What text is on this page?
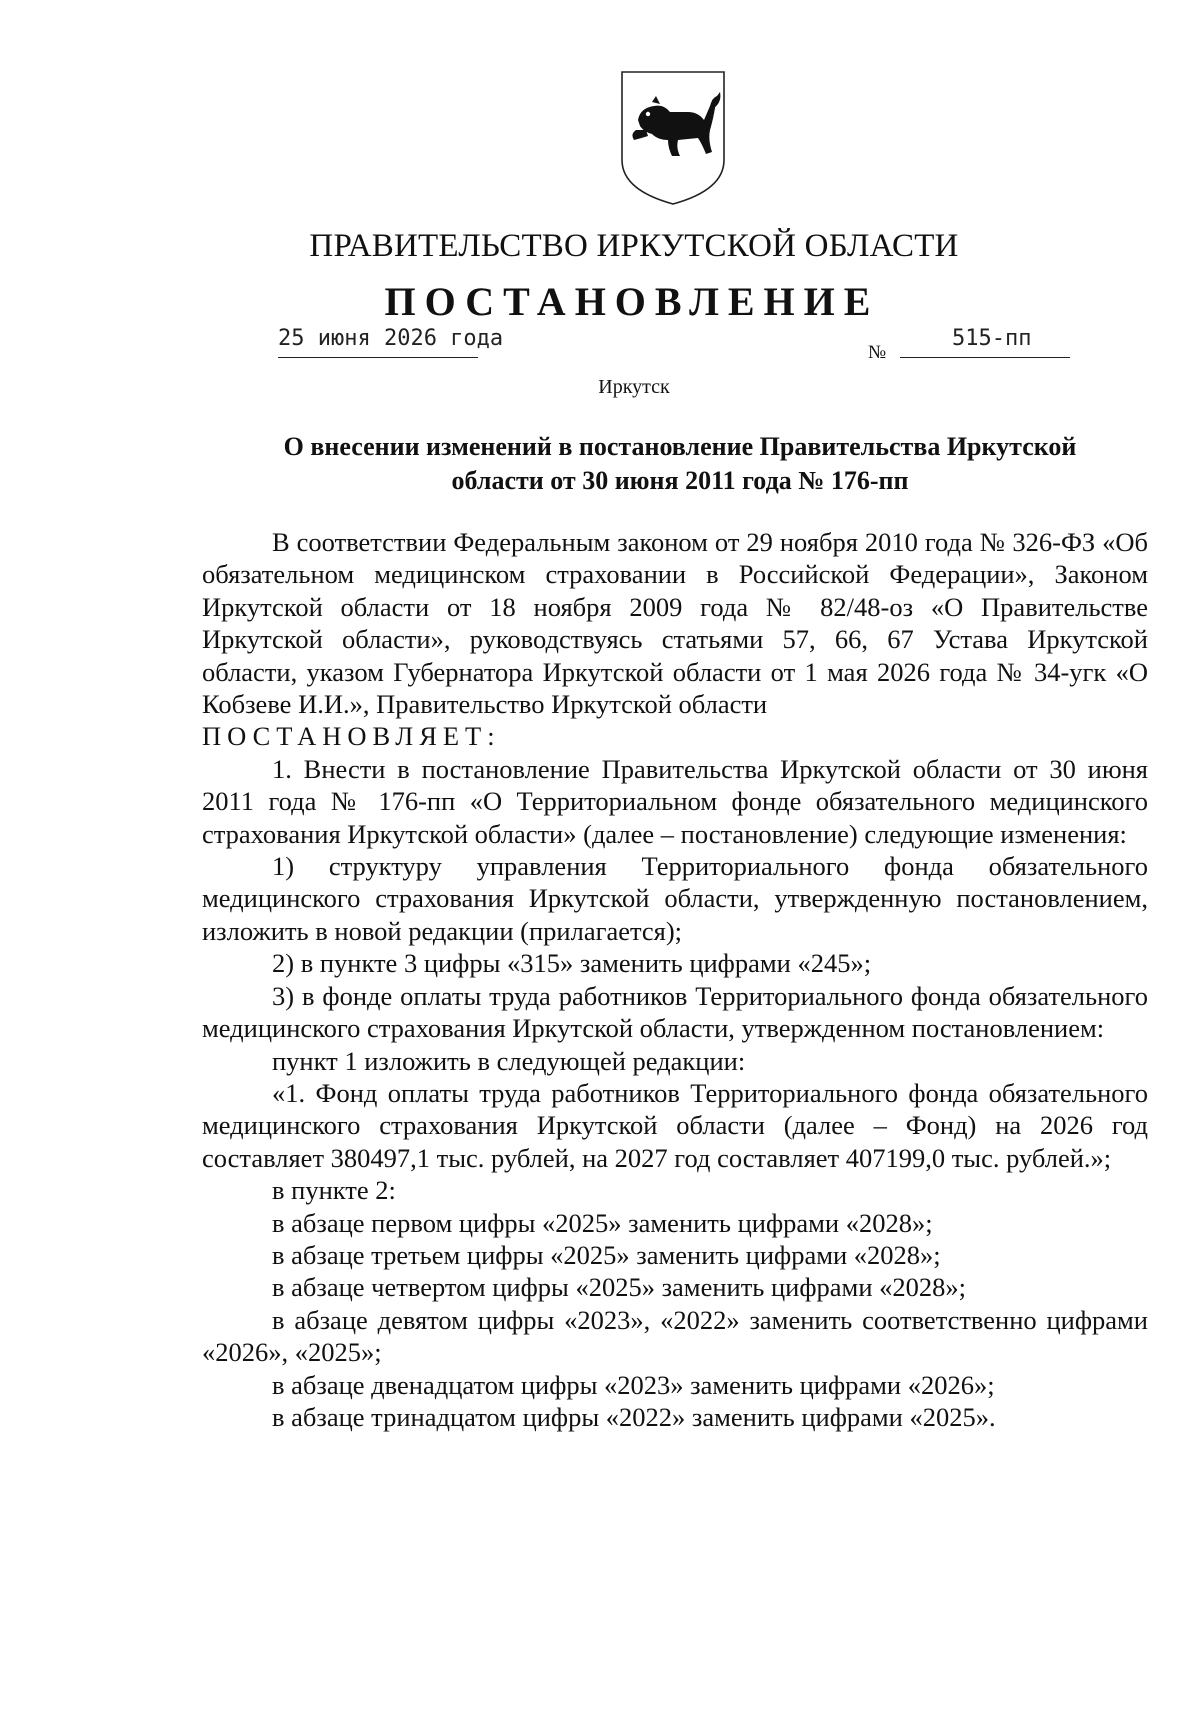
ПРАВИТЕЛЬСТВО ИРКУТСКОЙ ОБЛАСТИ
ПОСТАНОВЛЕНИЕ
25 июня 2026 года
№
515-пп
Иркутск
О внесении изменений в постановление Правительства Иркутской области от 30 июня 2011 года № 176-пп

В соответствии Федеральным законом от 29 ноября 2010 года № 326-ФЗ «Об обязательном медицинском страховании в Российской Федерации», Законом Иркутской области от 18 ноября 2009 года № 82/48-оз «О Правительстве Иркутской области», руководствуясь статьями 57, 66, 67 Устава Иркутской области, указом Губернатора Иркутской области от 1 мая 2026 года № 34-угк «О Кобзеве И.И.», Правительство Иркутской области

ПОСТАНОВЛЯЕТ:

1. Внести в постановление Правительства Иркутской области от 30 июня 2011 года № 176-пп «О Территориальном фонде обязательного медицинского страхования Иркутской области» (далее – постановление) следующие изменения:

1) структуру управления Территориального фонда обязательного медицинского страхования Иркутской области, утвержденную постановлением, изложить в новой редакции (прилагается);

2) в пункте 3 цифры «315» заменить цифрами «245»;

3) в фонде оплаты труда работников Территориального фонда обязательного медицинского страхования Иркутской области, утвержденном постановлением:

пункт 1 изложить в следующей редакции:

«1. Фонд оплаты труда работников Территориального фонда обязательного медицинского страхования Иркутской области (далее – Фонд) на 2026 год составляет 380497,1 тыс. рублей, на 2027 год составляет 407199,0 тыс. рублей.»;

в пункте 2:

в абзаце первом цифры «2025» заменить цифрами «2028»;

в абзаце третьем цифры «2025» заменить цифрами «2028»;

в абзаце четвертом цифры «2025» заменить цифрами «2028»;

в абзаце девятом цифры «2023», «2022» заменить соответственно цифрами «2026», «2025»;

в абзаце двенадцатом цифры «2023» заменить цифрами «2026»;

в абзаце тринадцатом цифры «2022» заменить цифрами «2025».
